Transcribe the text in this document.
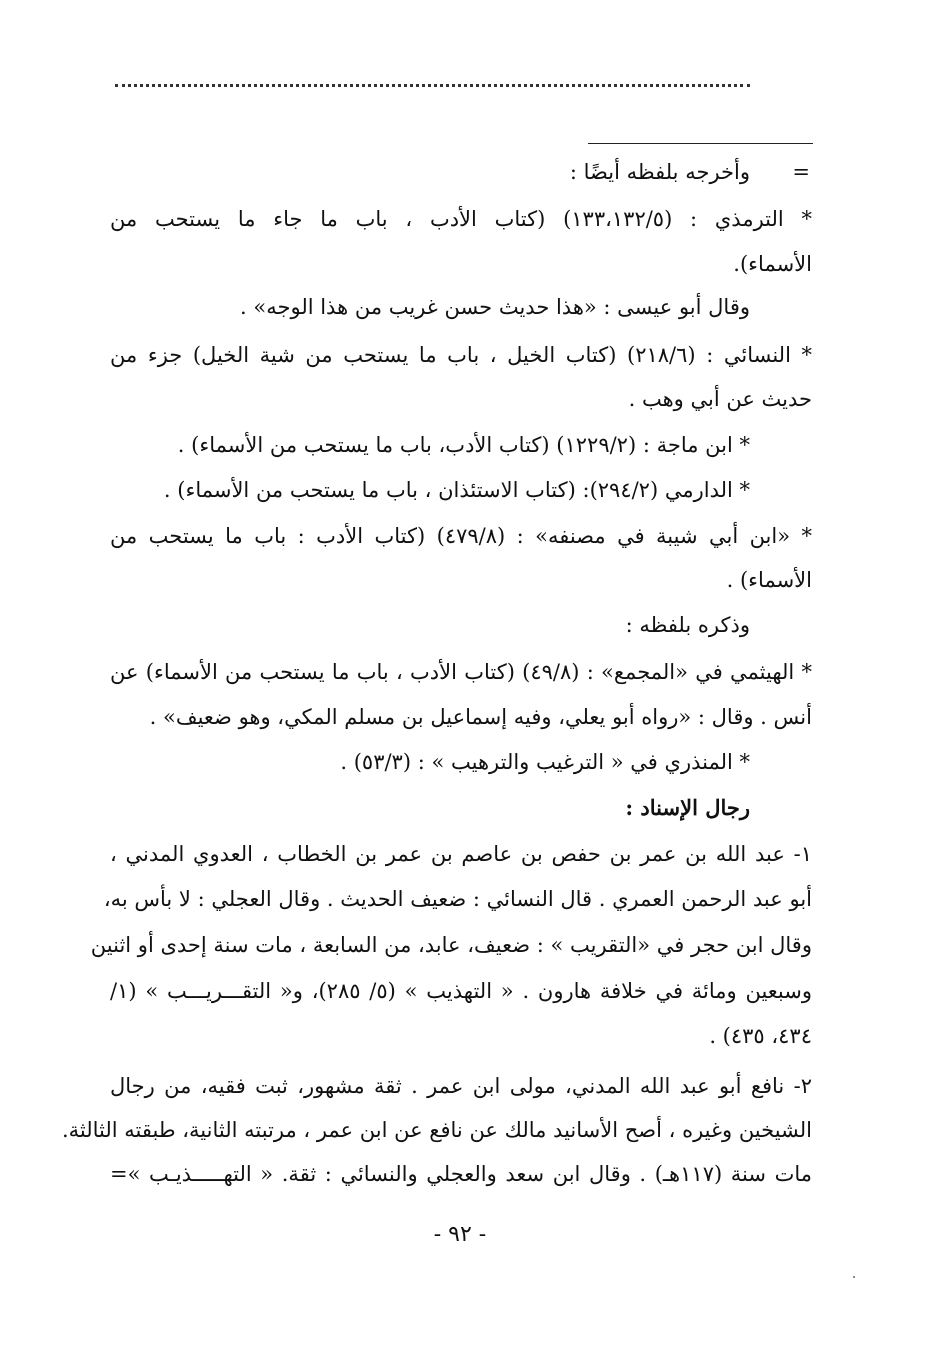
=
وأخرجه بلفظه أيضًا :
* الترمذي : (١٣٣،١٣٢/٥) (كتاب الأدب ، باب ما جاء ما يستحب من
الأسماء).
وقال أبو عيسى : «هذا حديث حسن غريب من هذا الوجه» .
* النسائي : (٢١٨/٦) (كتاب الخيل ، باب ما يستحب من شية الخيل) جزء من
حديث عن أبي وهب .
* ابن ماجة : (١٢٢٩/٢) (كتاب الأدب، باب ما يستحب من الأسماء) .
* الدارمي (٢٩٤/٢): (كتاب الاستئذان ، باب ما يستحب من الأسماء) .
* «ابن أبي شيبة في مصنفه» : (٤٧٩/٨) (كتاب الأدب : باب ما يستحب من
الأسماء) .
وذكره بلفظه :
* الهيثمي في «المجمع» : (٤٩/٨) (كتاب الأدب ، باب ما يستحب من الأسماء) عن
أنس . وقال : «رواه أبو يعلي، وفيه إسماعيل بن مسلم المكي، وهو ضعيف» .
* المنذري في « الترغيب والترهيب » : (٥٣/٣) .
رجال الإسناد :
١- عبد الله بن عمر بن حفص بن عاصم بن عمر بن الخطاب ، العدوي المدني ،
أبو عبد الرحمن العمري . قال النسائي : ضعيف الحديث . وقال العجلي : لا بأس به،
وقال ابن حجر في «التقريب » : ضعيف، عابد، من السابعة ، مات سنة إحدى أو اثنين
وسبعين ومائة في خلافة هارون . « التهذيب » (٥/ ٢٨٥)، و« التقـــريـــب » (١/
٤٣٤، ٤٣٥) .
٢- نافع أبو عبد الله المدني، مولى ابن عمر . ثقة مشهور، ثبت فقيه، من رجال
الشيخين وغيره ، أصح الأسانيد مالك عن نافع عن ابن عمر ، مرتبته الثانية، طبقته الثالثة.
مات سنة (١١٧هـ) . وقال ابن سعد والعجلي والنسائي : ثقة. « التهـــــذيـب »=
- ٩٢ -
